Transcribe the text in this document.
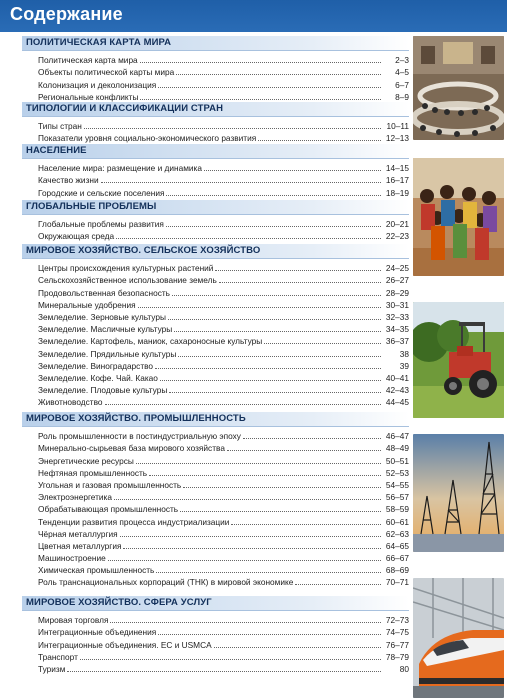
Содержание
ПОЛИТИЧЕСКАЯ КАРТА МИРА
Политическая карта мира	2–3
Объекты политической карты мира	4–5
Колонизация и деколонизация	6–7
Региональные конфликты	8–9
ТИПОЛОГИИ И КЛАССИФИКАЦИИ СТРАН
Типы стран	10–11
Показатели уровня социально-экономического развития	12–13
НАСЕЛЕНИЕ
Население мира: размещение и динамика	14–15
Качество жизни	16–17
Городские и сельские поселения	18–19
ГЛОБАЛЬНЫЕ ПРОБЛЕМЫ
Глобальные проблемы развития	20–21
Окружающая среда	22–23
МИРОВОЕ ХОЗЯЙСТВО. СЕЛЬСКОЕ ХОЗЯЙСТВО
Центры происхождения культурных растений	24–25
Сельскохозяйственное использование земель	26–27
Продовольственная безопасность	28–29
Минеральные удобрения	30–31
Земледелие. Зерновые культуры	32–33
Земледелие. Масличные культуры	34–35
Земледелие. Картофель, маниок, сахароносные культуры	36–37
Земледелие. Прядильные культуры	38
Земледелие. Виноградарство	39
Земледелие. Кофе. Чай. Какао	40–41
Земледелие. Плодовые культуры	42–43
Животноводство	44–45
МИРОВОЕ ХОЗЯЙСТВО. ПРОМЫШЛЕННОСТЬ
Роль промышленности в постиндустриальную эпоху	46–47
Минерально-сырьевая база мирового хозяйства	48–49
Энергетические ресурсы	50–51
Нефтяная промышленность	52–53
Угольная и газовая промышленность	54–55
Электроэнергетика	56–57
Обрабатывающая промышленность	58–59
Тенденции развития процесса индустриализации	60–61
Чёрная металлургия	62–63
Цветная металлургия	64–65
Машиностроение	66–67
Химическая промышленность	68–69
Роль транснациональных корпораций (ТНК) в мировой экономике	70–71
МИРОВОЕ ХОЗЯЙСТВО. СФЕРА УСЛУГ
Мировая торговля	72–73
Интеграционные объединения	74–75
Интеграционные объединения. ЕС и USMCA	76–77
Транспорт	78–79
Туризм	80
